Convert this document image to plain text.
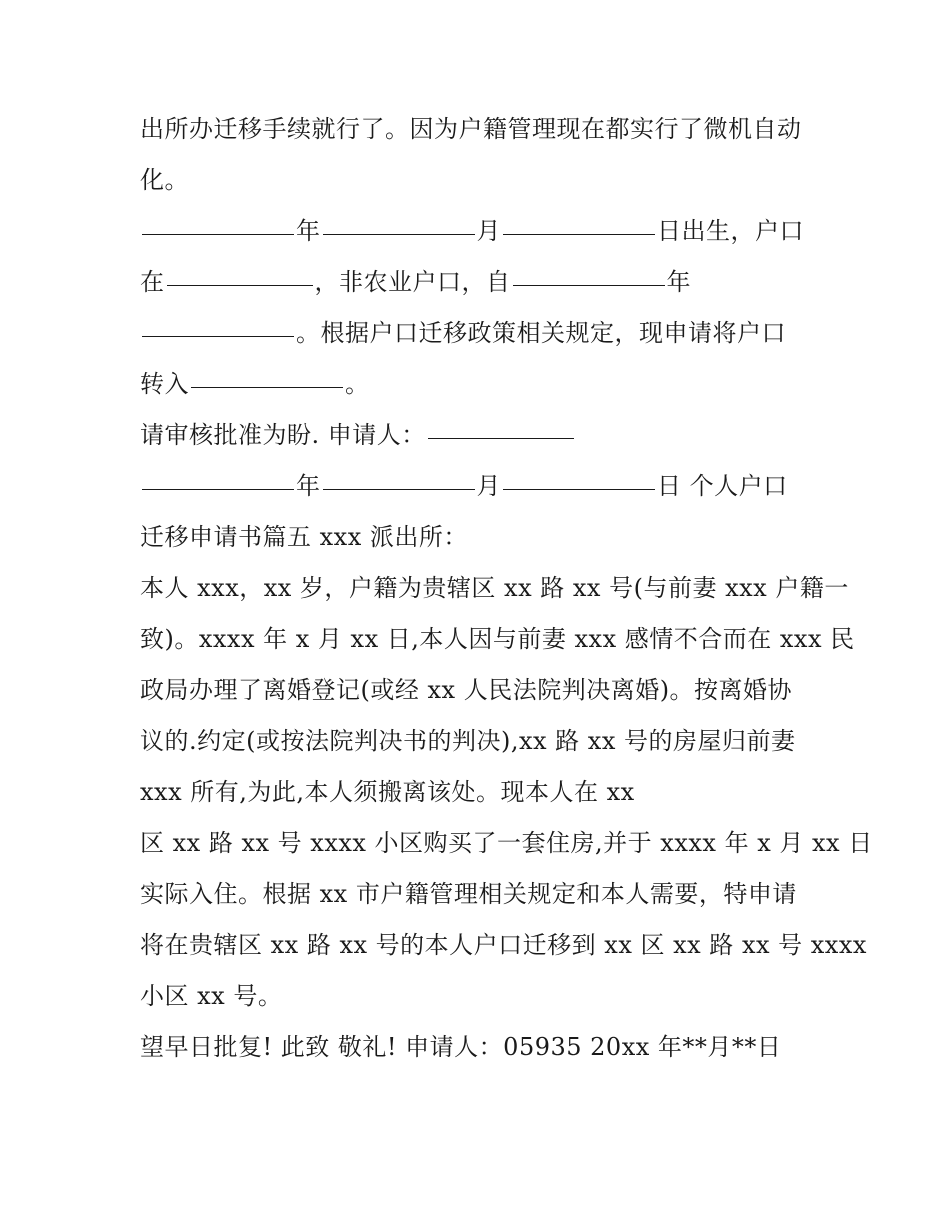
出所办迁移手续就行了。因为户籍管理现在都实行了微机自动
化。
年	月	日出生，户口
在	，非农业户口，自	年
。根据户口迁移政策相关规定，现申请将户口
转入	。
请审核批准为盼. 申请人：
年	月	日 个人户口
迁移申请书篇五 xxx 派出所：
本人 xxx，xx 岁，户籍为贵辖区 xx 路 xx 号(与前妻 xxx 户籍一
致)。xxxx 年 x 月 xx 日,本人因与前妻 xxx 感情不合而在 xxx 民
政局办理了离婚登记(或经 xx 人民法院判决离婚)。按离婚协
议的.约定(或按法院判决书的判决),xx 路 xx 号的房屋归前妻
xxx 所有,为此,本人须搬离该处。现本人在 xx
区 xx 路 xx 号 xxxx 小区购买了一套住房,并于 xxxx 年 x 月 xx 日
实际入住。根据 xx 市户籍管理相关规定和本人需要，特申请
将在贵辖区 xx 路 xx 号的本人户口迁移到 xx 区 xx 路 xx 号 xxxx
小区 xx 号。
望早日批复! 此致 敬礼! 申请人：05935 20xx 年**月**日
